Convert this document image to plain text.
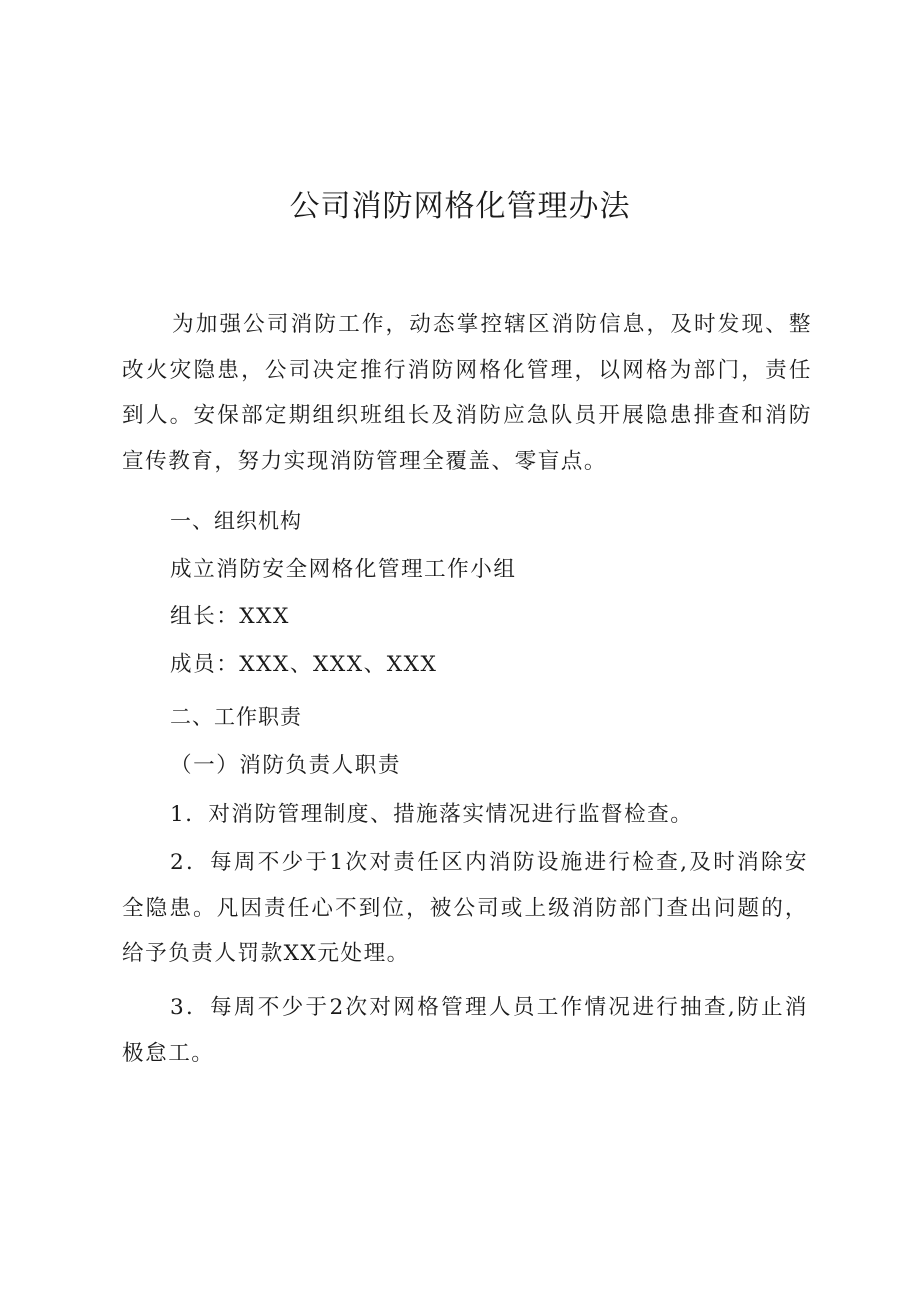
公司消防网格化管理办法
为加强公司消防工作，动态掌控辖区消防信息，及时发现、整改火灾隐患，公司决定推行消防网格化管理，以网格为部门，责任到人。安保部定期组织班组长及消防应急队员开展隐患排查和消防宣传教育，努力实现消防管理全覆盖、零盲点。
一、组织机构
成立消防安全网格化管理工作小组
组长：XXX
成员：XXX、XXX、XXX
二、工作职责
（一）消防负责人职责
1．对消防管理制度、措施落实情况进行监督检查。
2．每周不少于1次对责任区内消防设施进行检查,及时消除安全隐患。凡因责任心不到位，被公司或上级消防部门查出问题的，给予负责人罚款XX元处理。
3．每周不少于2次对网格管理人员工作情况进行抽查,防止消极怠工。
